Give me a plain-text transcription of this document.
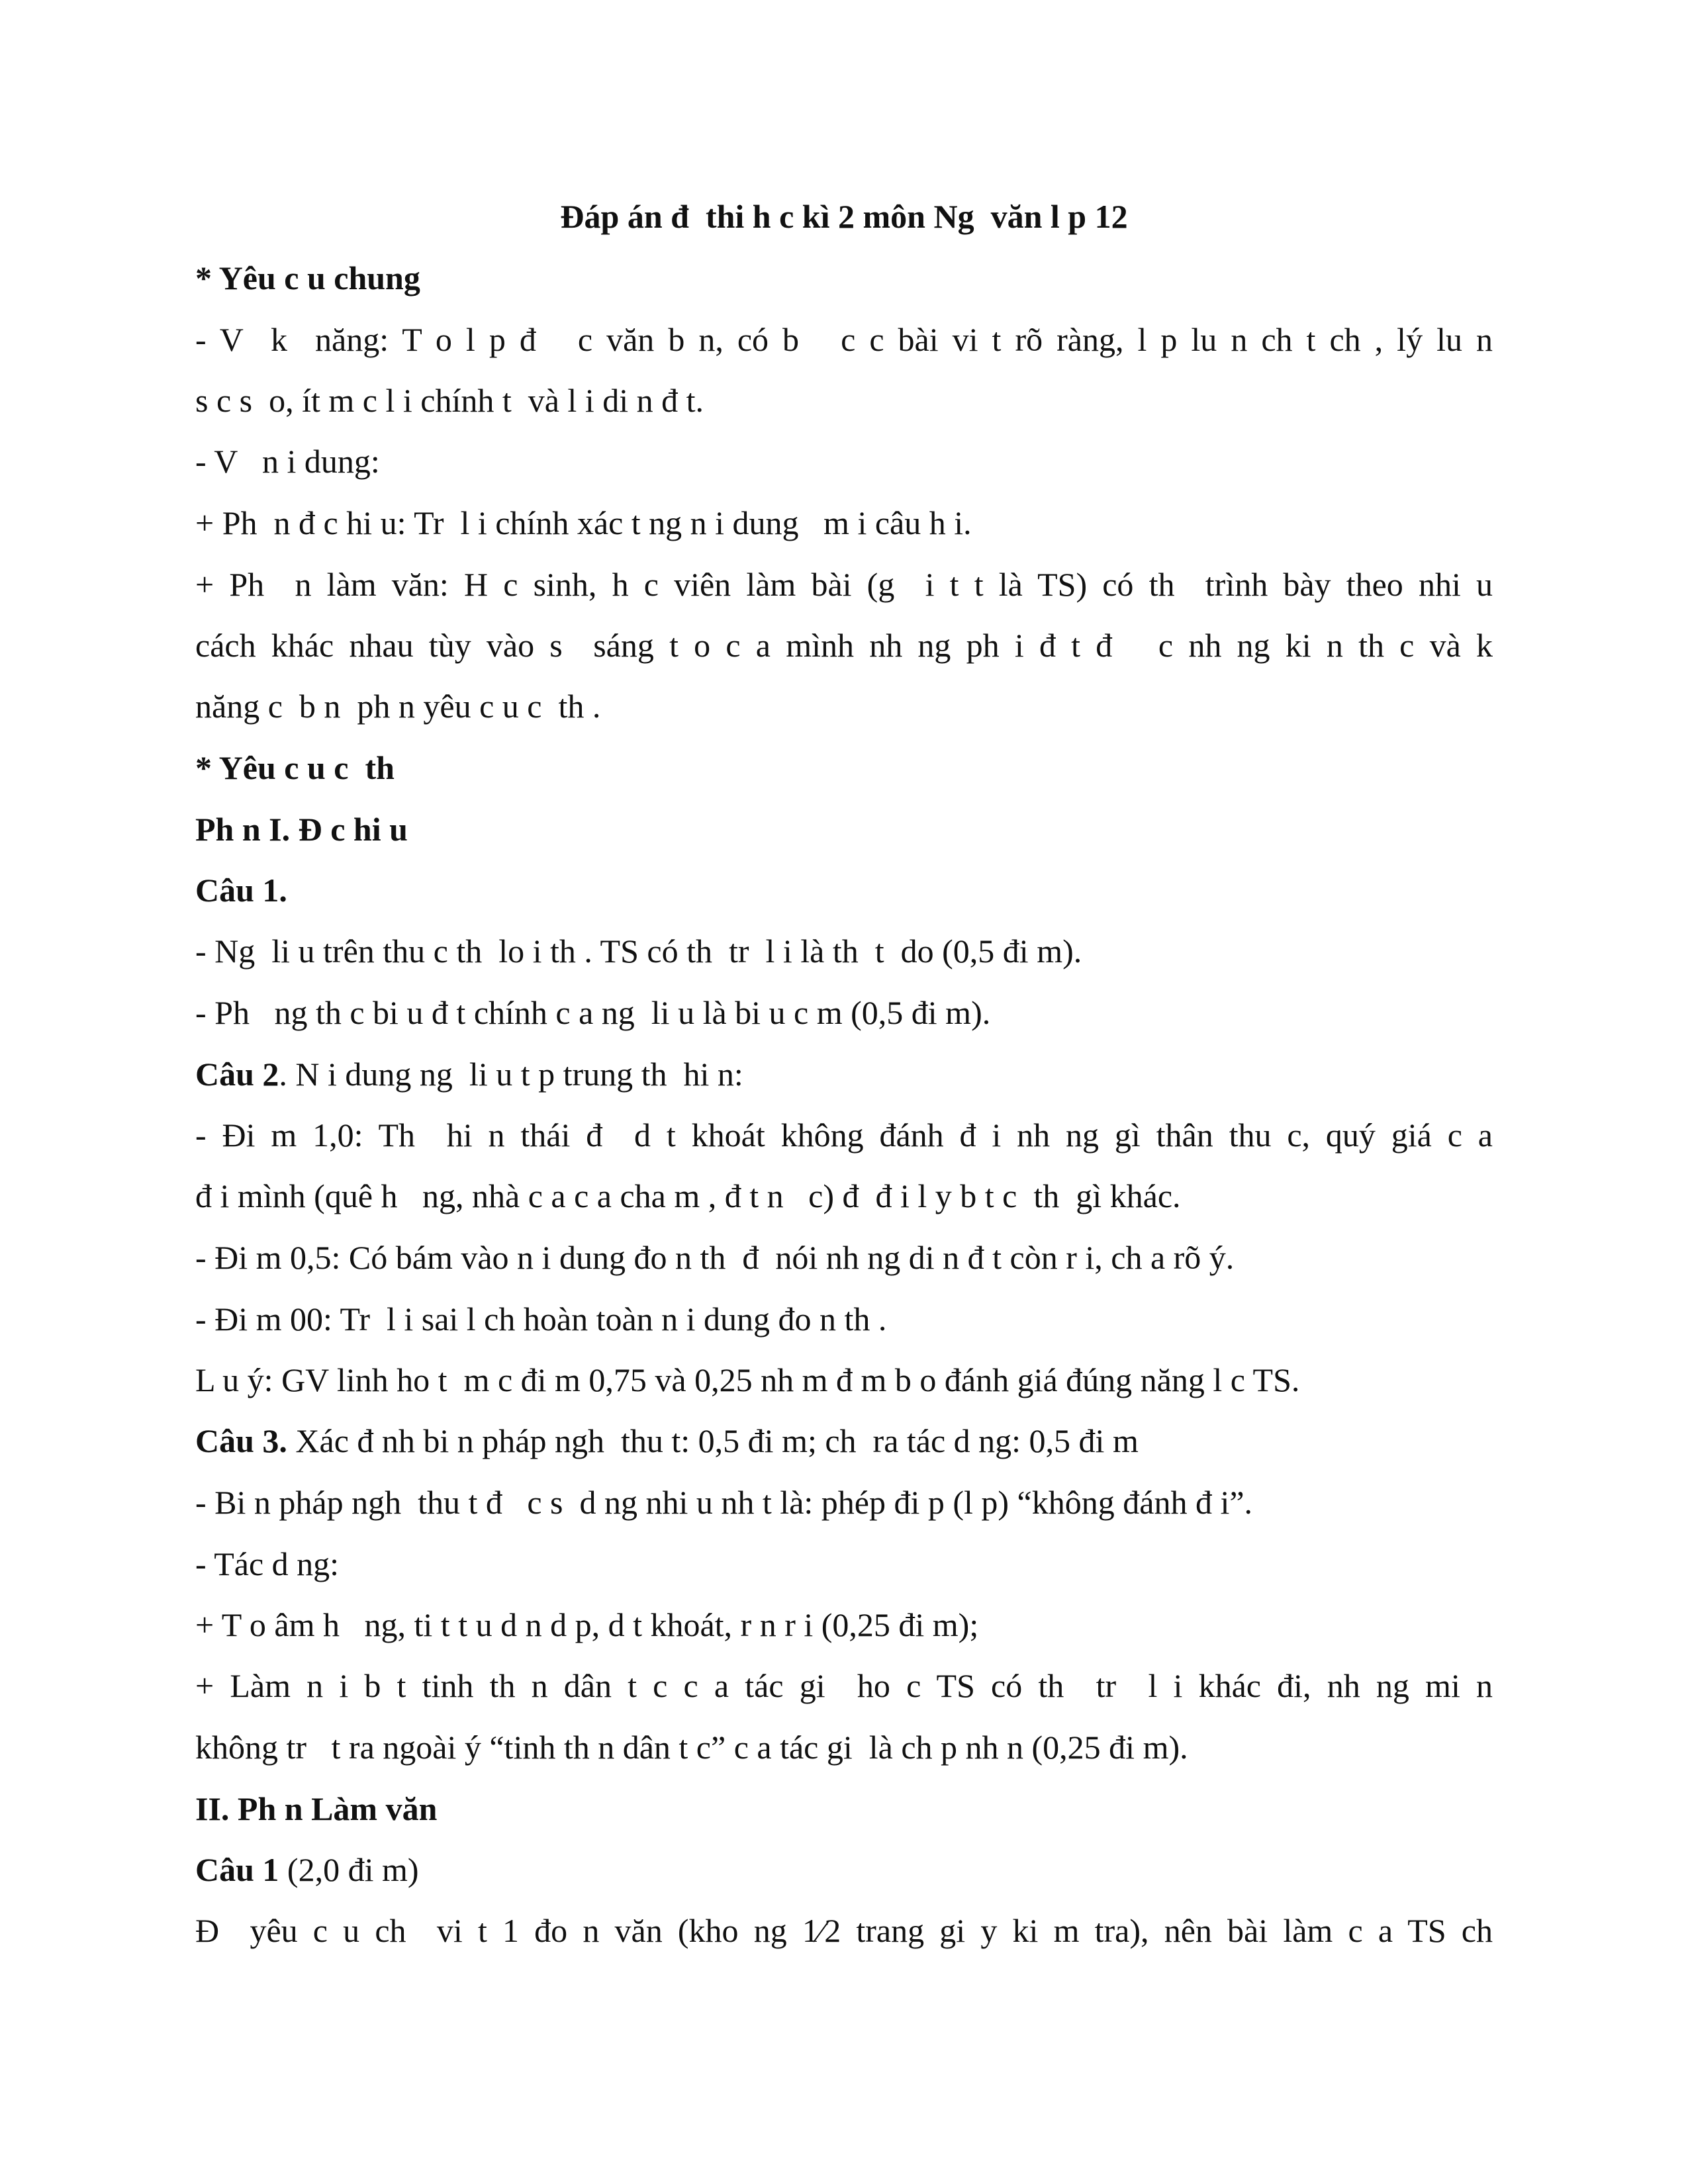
Đáp án đ  thi h c kì 2 môn Ng  văn l p 12
* Yêu c u chung
- V  k  năng: T o l p đ   c văn b n, có b   c c bài vi t rõ ràng, l p lu n ch t ch , lý lu n
s c s  o, ít m c l i chính t  và l i di n đ t.
- V   n i dung:
+ Ph  n đ c hi u: Tr  l i chính xác t ng n i dung   m i câu h i.
+ Ph  n làm văn: H c sinh, h c viên làm bài (g  i t t là TS) có th  trình bày theo nhi u
cách khác nhau tùy vào s  sáng t o c a mình nh ng ph i đ t đ   c nh ng ki n th c và k
năng c  b n  ph n yêu c u c  th .
* Yêu c u c  th
Ph n I. Đ c hi u
Câu 1.
- Ng  li u trên thu c th  lo i th . TS có th  tr  l i là th  t  do (0,5 đi m).
- Ph   ng th c bi u đ t chính c a ng  li u là bi u c m (0,5 đi m).
Câu 2. N i dung ng  li u t p trung th  hi n:
- Đi m 1,0: Th  hi n thái đ  d t khoát không đánh đ i nh ng gì thân thu c, quý giá c a
đ i mình (quê h   ng, nhà c a c a cha m , đ t n   c) đ  đ i l y b t c  th  gì khác.
- Đi m 0,5: Có bám vào n i dung đo n th  đ  nói nh ng di n đ t còn r i, ch a rõ ý.
- Đi m 00: Tr  l i sai l ch hoàn toàn n i dung đo n th .
L u ý: GV linh ho t  m c đi m 0,75 và 0,25 nh m đ m b o đánh giá đúng năng l c TS.
Câu 3. Xác đ nh bi n pháp ngh  thu t: 0,5 đi m; ch  ra tác d ng: 0,5 đi m
- Bi n pháp ngh  thu t đ   c s  d ng nhi u nh t là: phép đi p (l p) “không đánh đ i”.
- Tác d ng:
+ T o âm h   ng, ti t t u d n d p, d t khoát, r n r i (0,25 đi m);
+ Làm n i b t tinh th n dân t c c a tác gi  ho c TS có th  tr  l i khác đi, nh ng mi n
không tr   t ra ngoài ý “tinh th n dân t c” c a tác gi  là ch p nh n (0,25 đi m).
II. Ph n Làm văn
Câu 1 (2,0 đi m)
Đ  yêu c u ch  vi t 1 đo n văn (kho ng 1⁄2 trang gi y ki m tra), nên bài làm c a TS ch
